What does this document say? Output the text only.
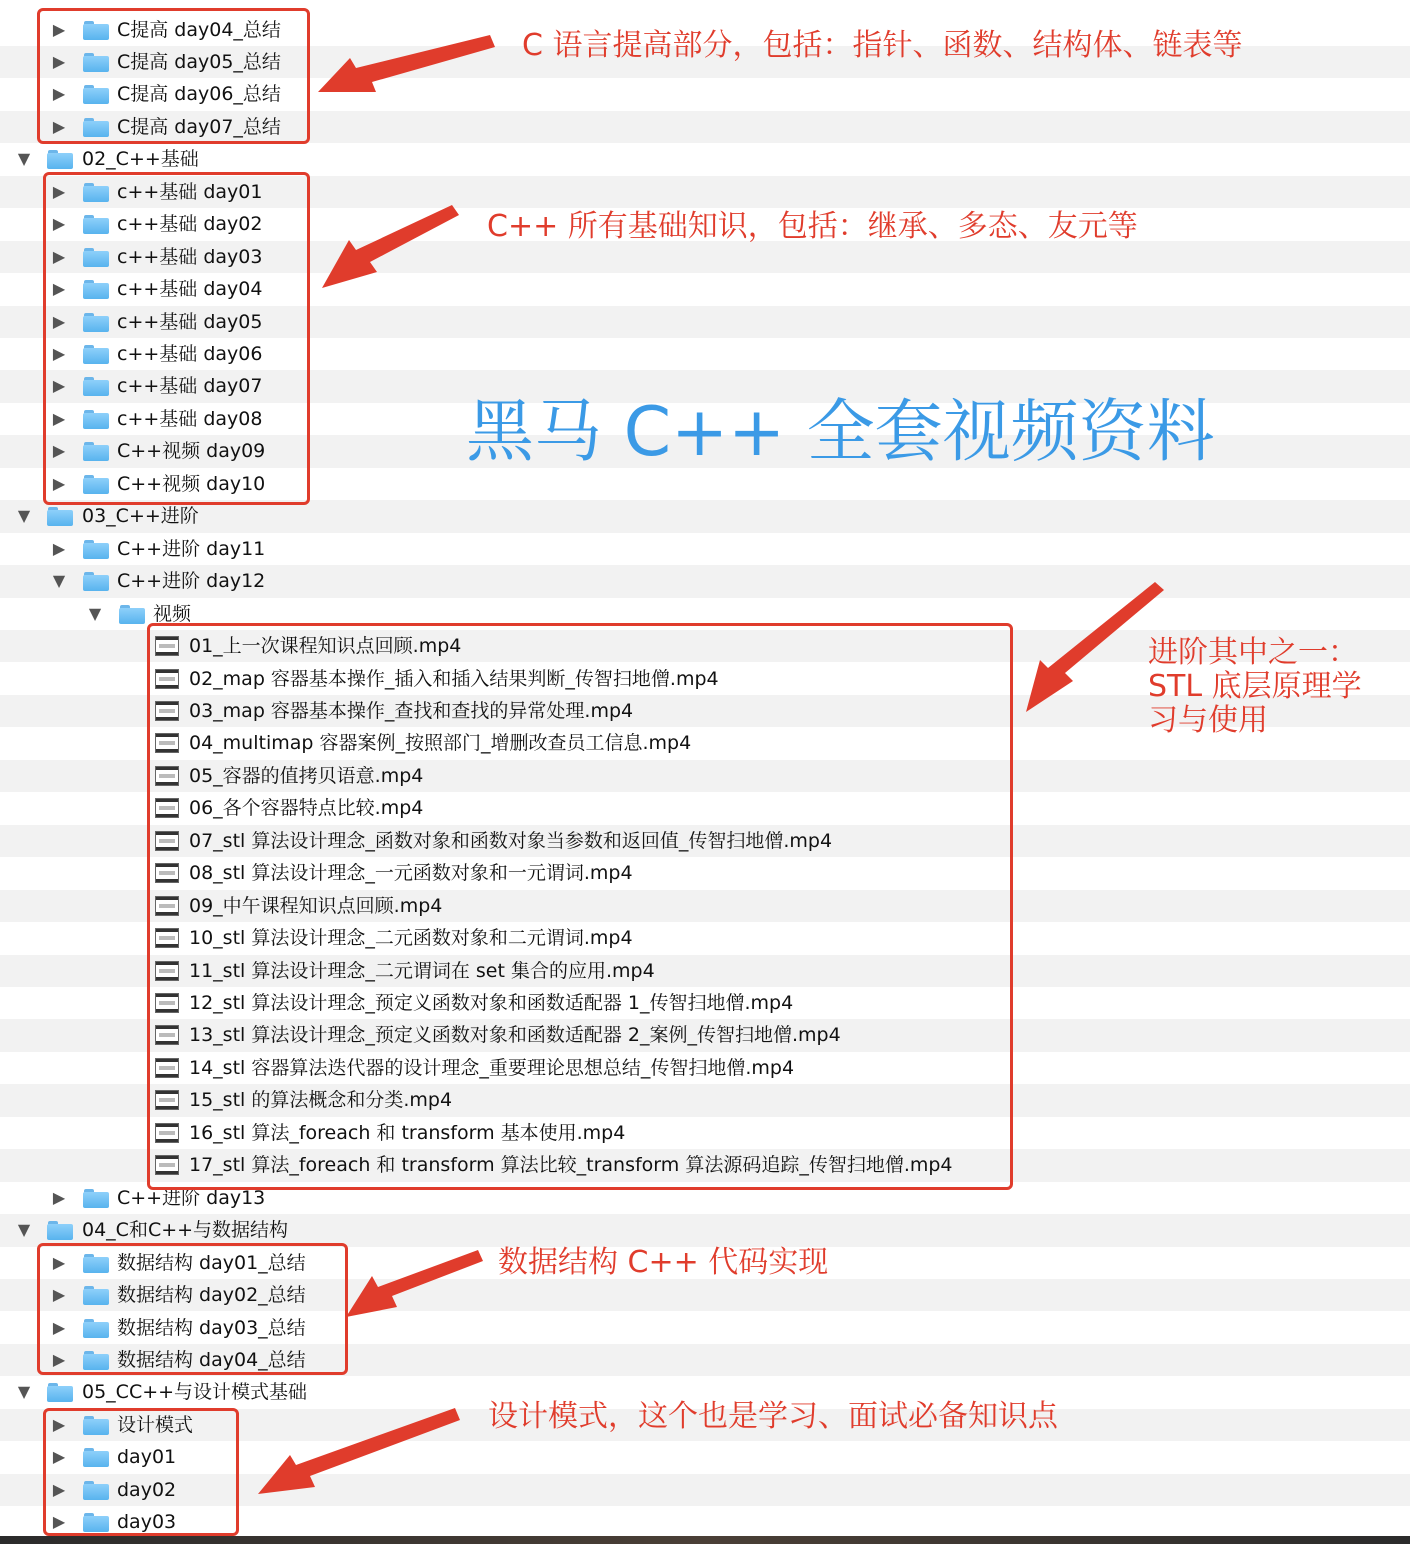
▶	C提高 day04_总结
▶	C提高 day05_总结
▶	C提高 day06_总结
▶	C提高 day07_总结
▼	02_C++基础
▶	c++基础 day01
▶	c++基础 day02
▶	c++基础 day03
▶	c++基础 day04
▶	c++基础 day05
▶	c++基础 day06
▶	c++基础 day07
▶	c++基础 day08
▶	C++视频 day09
▶	C++视频 day10
▼	03_C++进阶
▶	C++进阶 day11
▼	C++进阶 day12
▼	视频
01_上一次课程知识点回顾.mp4
02_map 容器基本操作_插入和插入结果判断_传智扫地僧.mp4
03_map 容器基本操作_查找和查找的异常处理.mp4
04_multimap 容器案例_按照部门_增删改查员工信息.mp4
05_容器的值拷贝语意.mp4
06_各个容器特点比较.mp4
07_stl 算法设计理念_函数对象和函数对象当参数和返回值_传智扫地僧.mp4
08_stl 算法设计理念_一元函数对象和一元谓词.mp4
09_中午课程知识点回顾.mp4
10_stl 算法设计理念_二元函数对象和二元谓词.mp4
11_stl 算法设计理念_二元谓词在 set 集合的应用.mp4
12_stl 算法设计理念_预定义函数对象和函数适配器 1_传智扫地僧.mp4
13_stl 算法设计理念_预定义函数对象和函数适配器 2_案例_传智扫地僧.mp4
14_stl 容器算法迭代器的设计理念_重要理论思想总结_传智扫地僧.mp4
15_stl 的算法概念和分类.mp4
16_stl 算法_foreach 和 transform 基本使用.mp4
17_stl 算法_foreach 和 transform 算法比较_transform 算法源码追踪_传智扫地僧.mp4
▶	C++进阶 day13
▼	04_C和C++与数据结构
▶	数据结构 day01_总结
▶	数据结构 day02_总结
▶	数据结构 day03_总结
▶	数据结构 day04_总结
▼	05_CC++与设计模式基础
▶	设计模式
▶	day01
▶	day02
▶	day03
C 语言提高部分，包括：指针、函数、结构体、链表等
C++ 所有基础知识，包括：继承、多态、友元等
进阶其中之一：STL 底层原理学习与使用
数据结构 C++ 代码实现
设计模式，这个也是学习、面试必备知识点
黑马 C++ 全套视频资料
